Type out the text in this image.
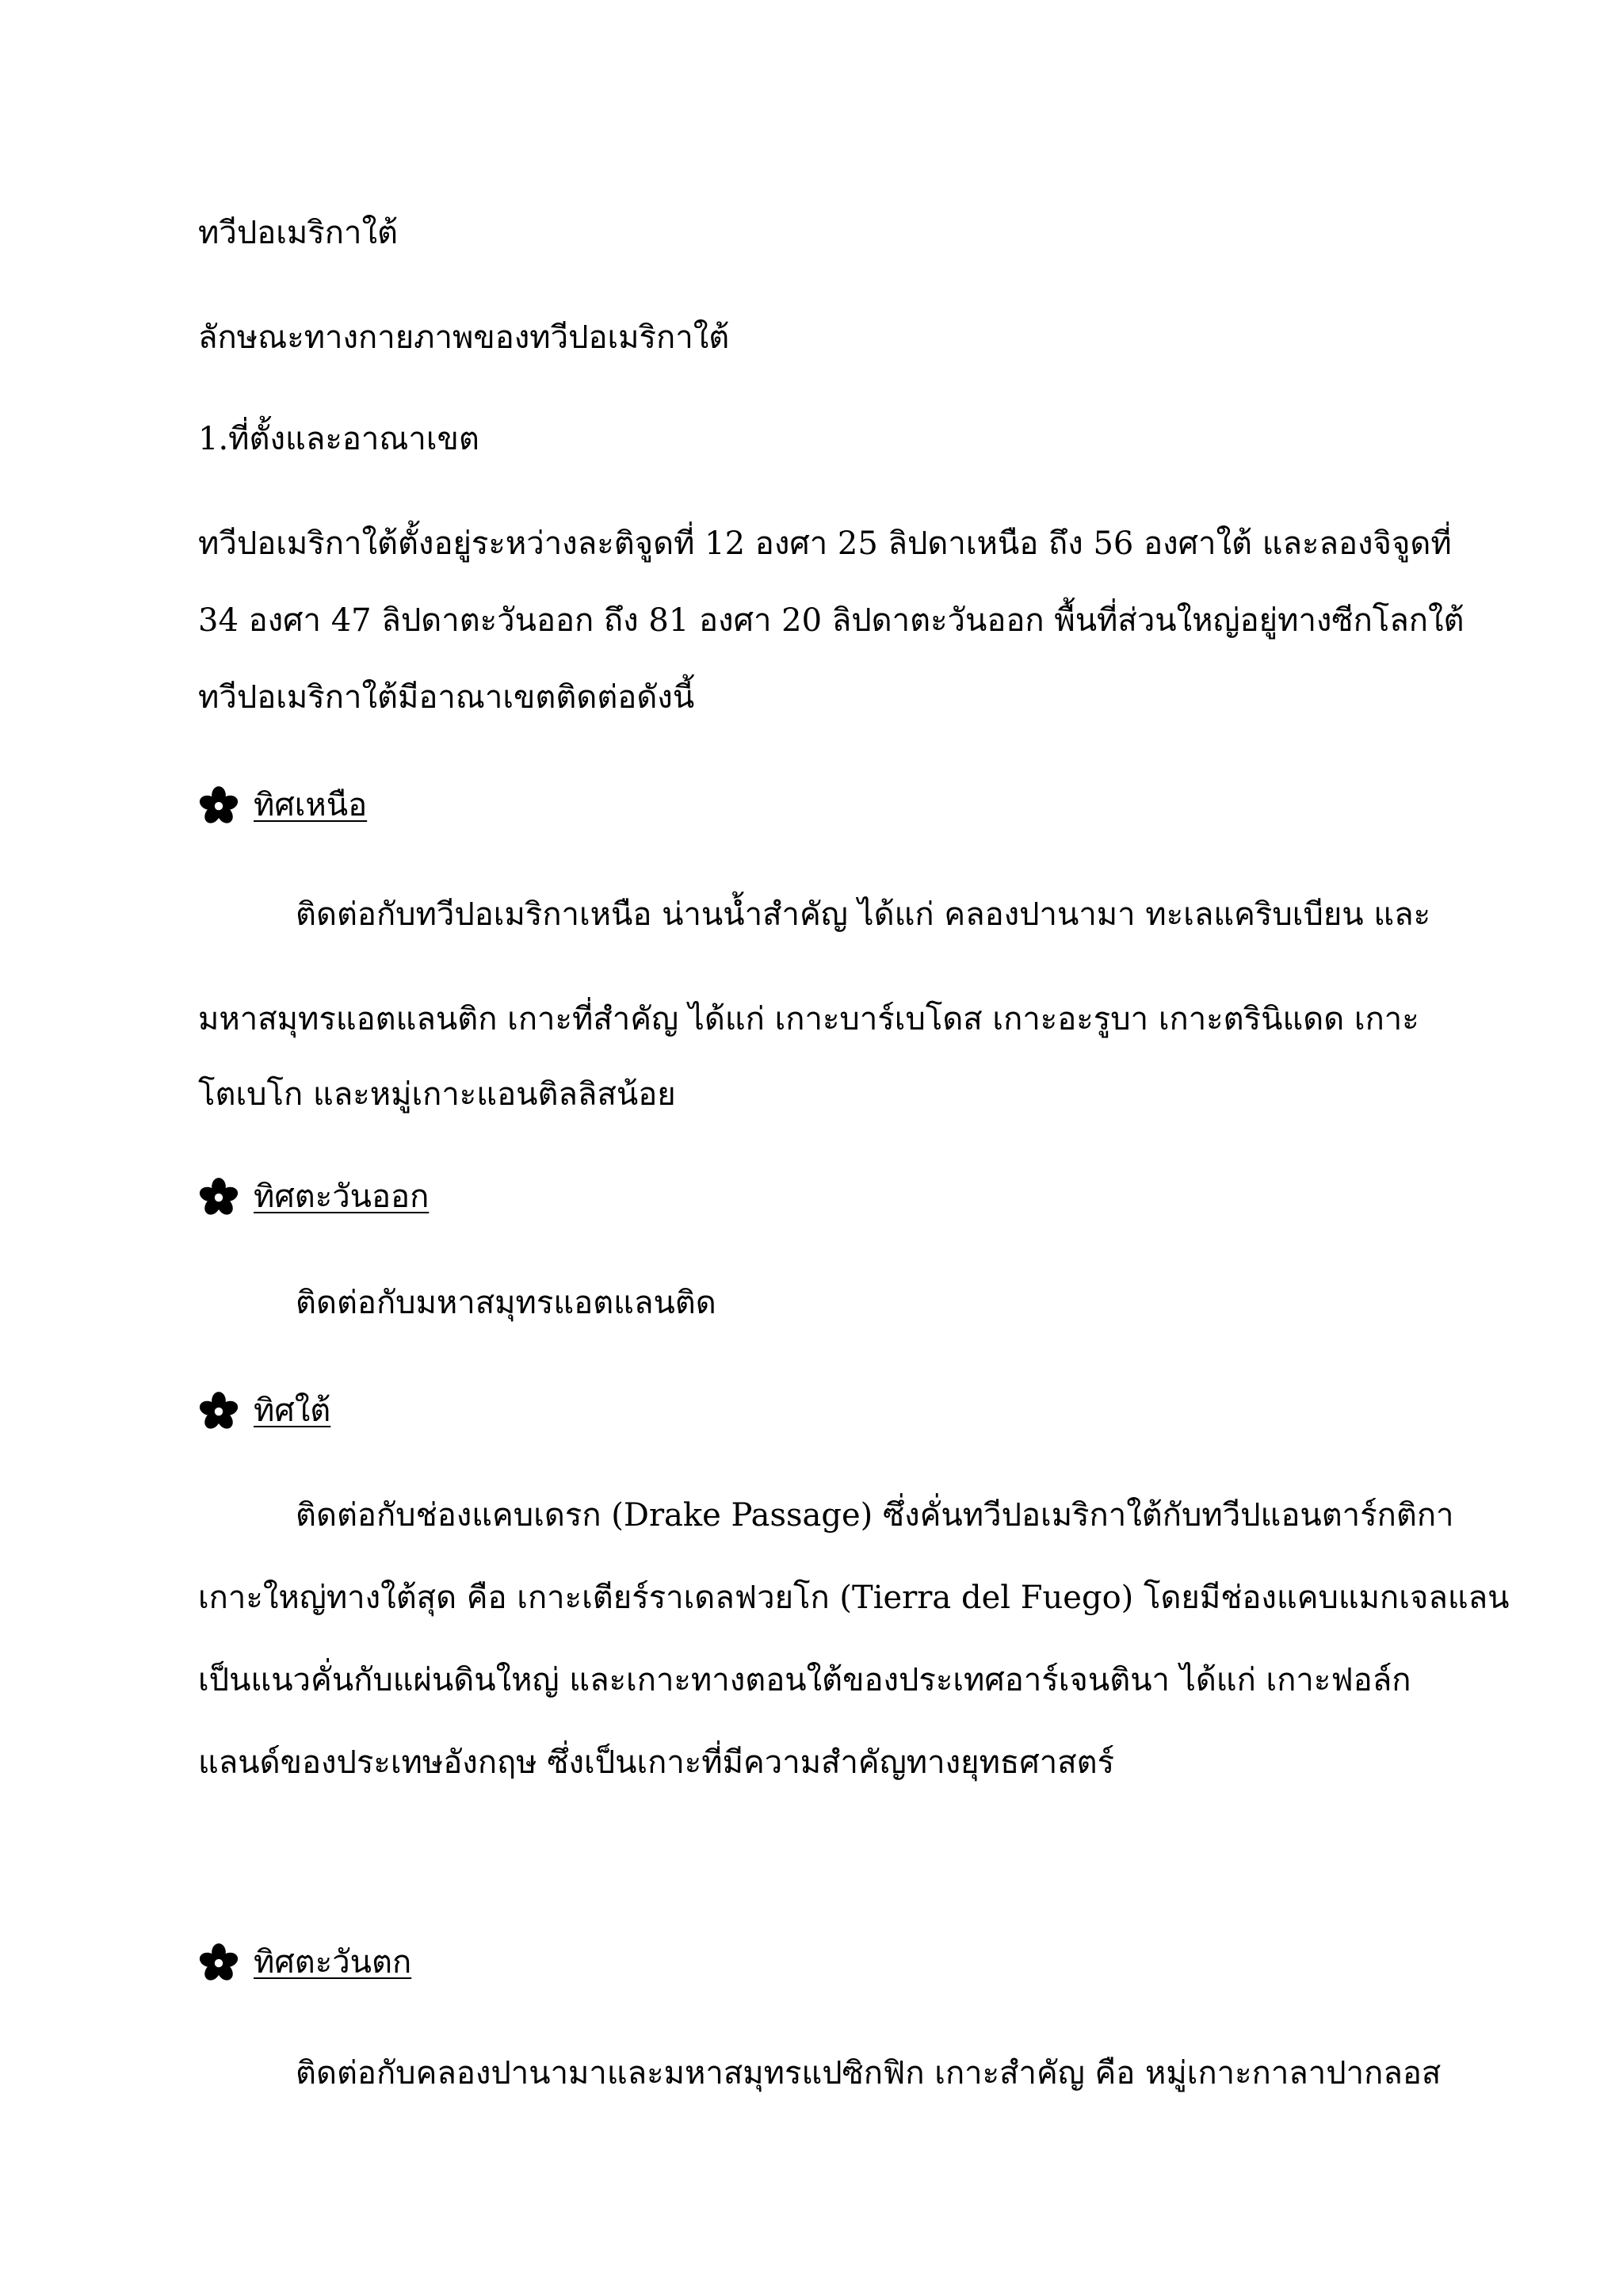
ทวีปอเมริกาใต้
ลักษณะทางกายภาพของทวีปอเมริกาใต้
1.ที่ตั้งและอาณาเขต
ทวีปอเมริกาใต้ตั้งอยู่ระหว่างละติจูดที่ 12 องศา 25 ลิปดาเหนือ ถึง 56 องศาใต้ และลองจิจูดที่
34 องศา 47 ลิปดาตะวันออก ถึง 81 องศา 20 ลิปดาตะวันออก พื้นที่ส่วนใหญ่อยู่ทางซีกโลกใต้
ทวีปอเมริกาใต้มีอาณาเขตติดต่อดังนี้
ทิศเหนือ
ติดต่อกับทวีปอเมริกาเหนือ น่านน้ำสำคัญ ได้แก่ คลองปานามา ทะเลแคริบเบียน และ
มหาสมุทรแอตแลนติก เกาะที่สำคัญ ได้แก่ เกาะบาร์เบโดส เกาะอะรูบา เกาะตรินิแดด เกาะ
โตเบโก และหมู่เกาะแอนติลลิสน้อย
ทิศตะวันออก
ติดต่อกับมหาสมุทรแอตแลนติด
ทิศใต้
ติดต่อกับช่องแคบเดรก (Drake Passage) ซึ่งคั่นทวีปอเมริกาใต้กับทวีปแอนตาร์กติกา
เกาะใหญ่ทางใต้สุด คือ เกาะเตียร์ราเดลฟวยโก (Tierra del Fuego) โดยมีช่องแคบแมกเจลแลน
เป็นแนวคั่นกับแผ่นดินใหญ่ และเกาะทางตอนใต้ของประเทศอาร์เจนตินา ได้แก่ เกาะฟอล์ก
แลนด์ของประเทษอังกฤษ ซึ่งเป็นเกาะที่มีความสำคัญทางยุทธศาสตร์
ทิศตะวันตก
ติดต่อกับคลองปานามาและมหาสมุทรแปซิกฟิก เกาะสำคัญ คือ หมู่เกาะกาลาปากลอส
